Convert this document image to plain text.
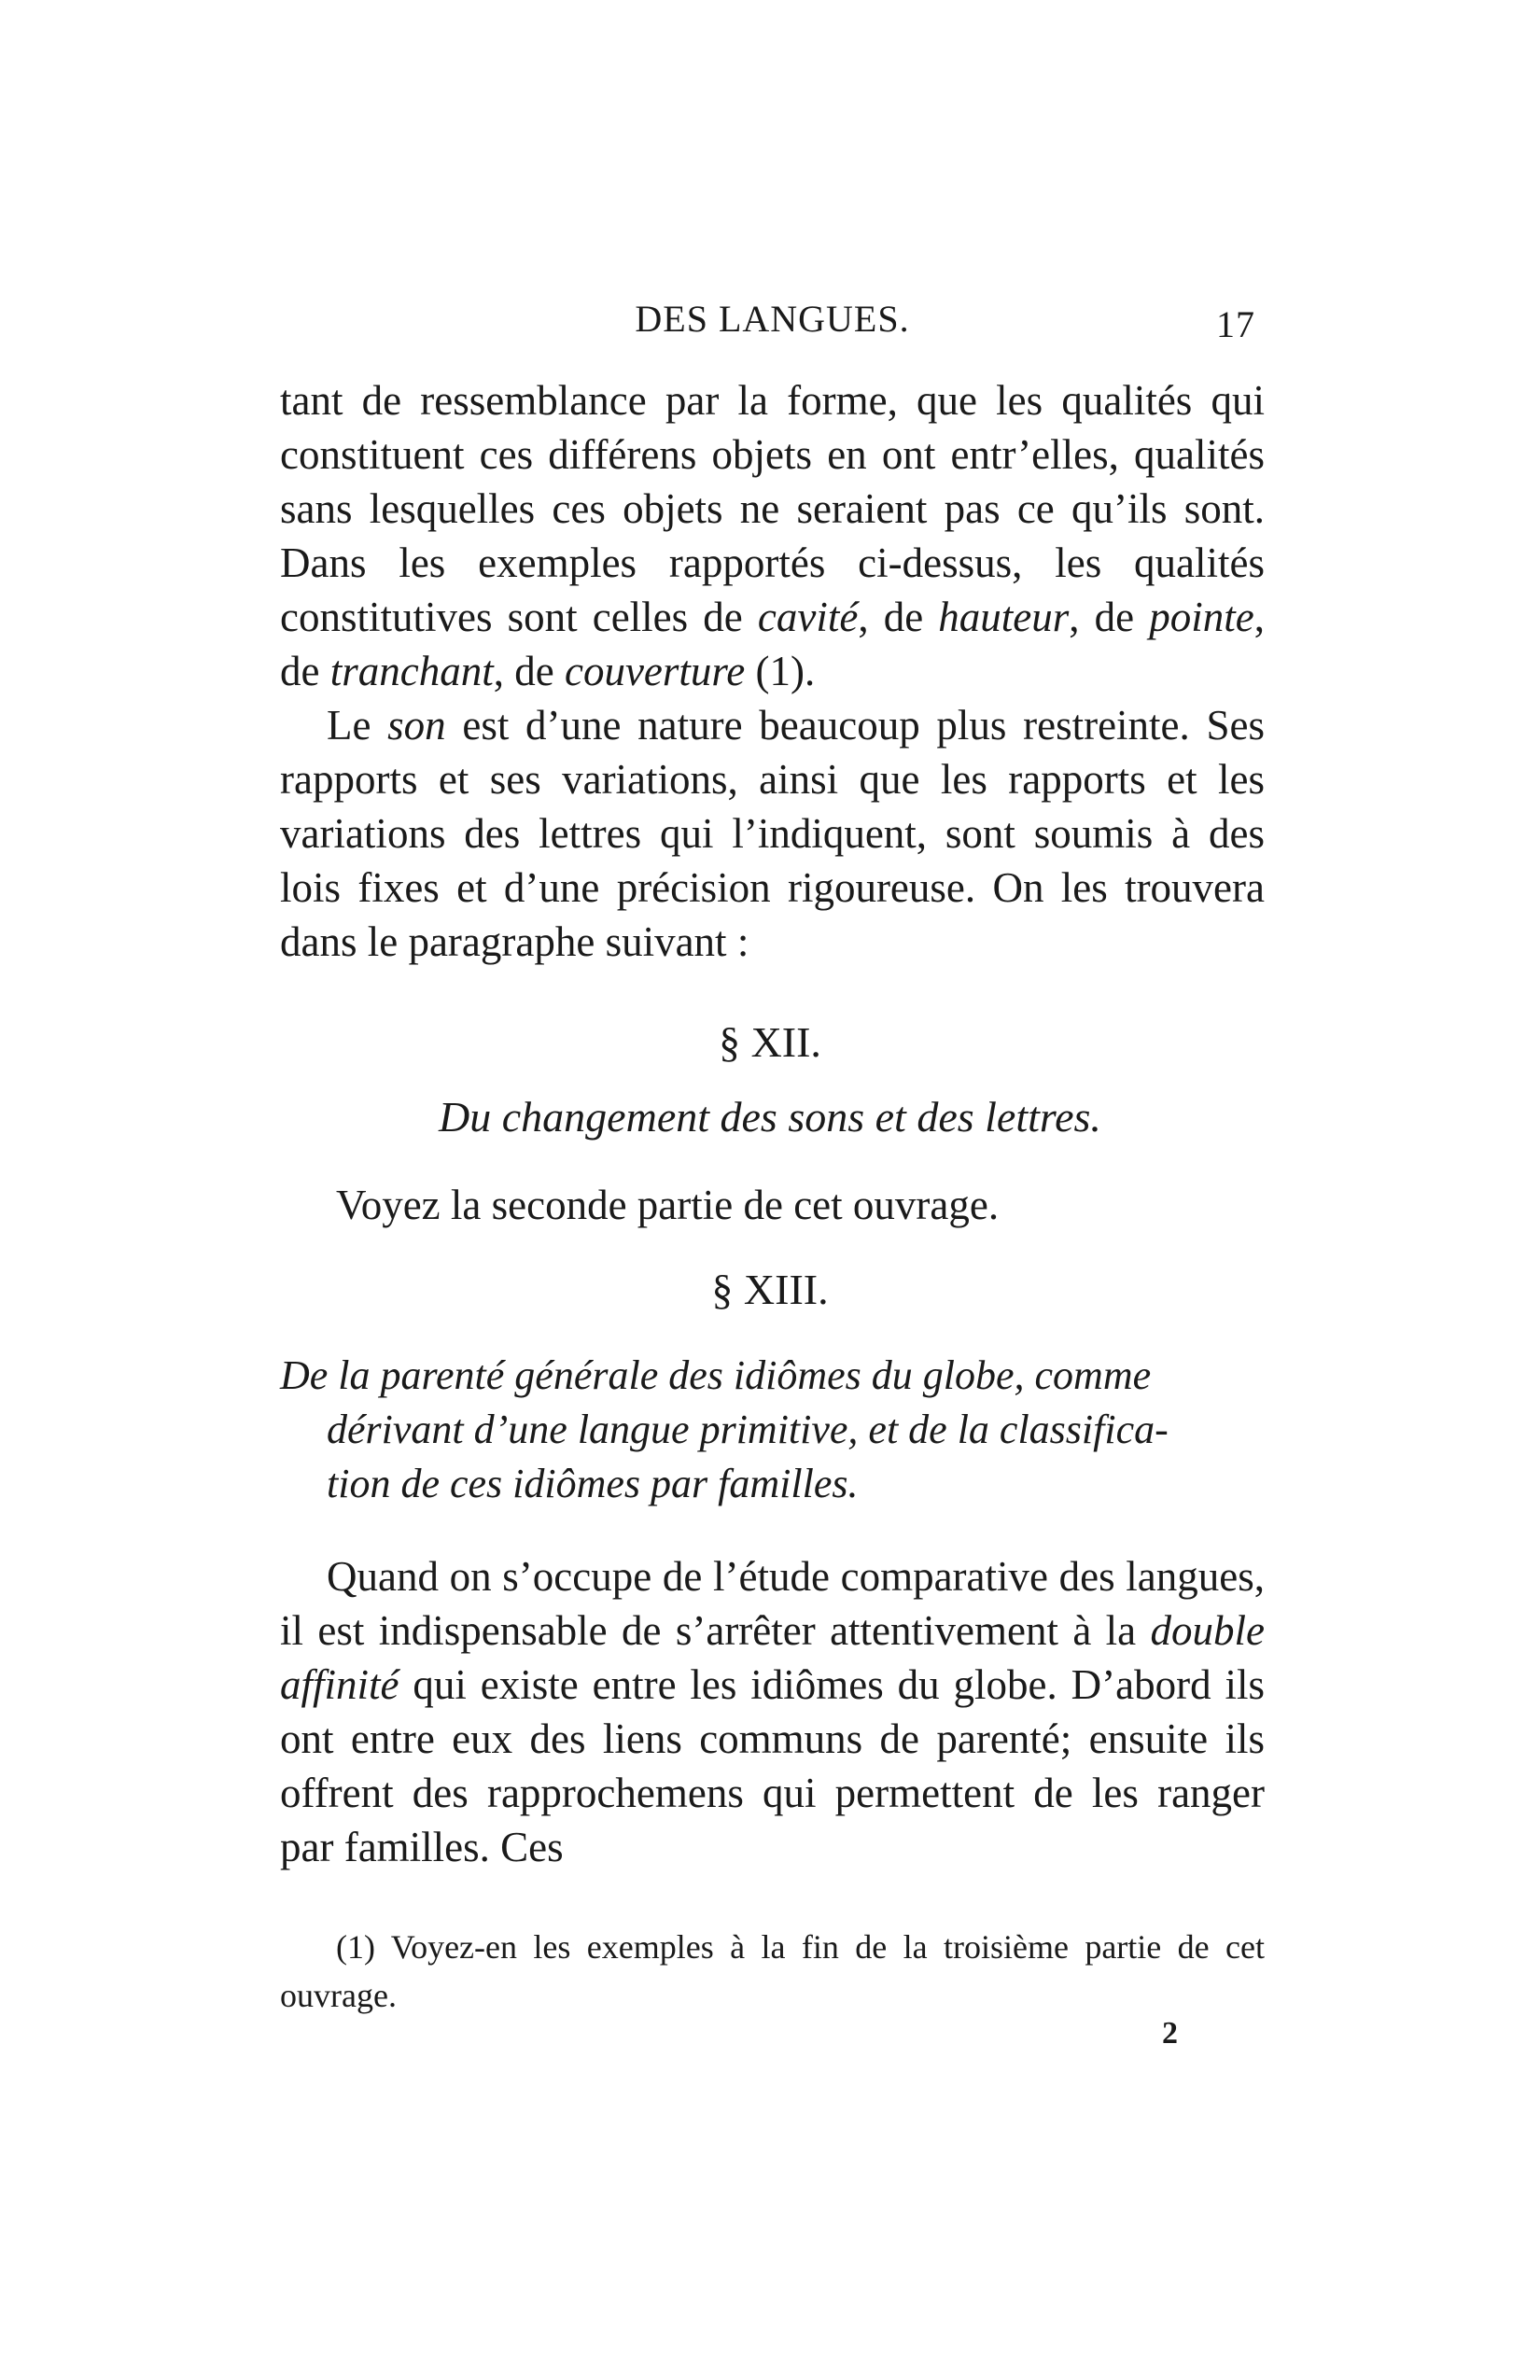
DES LANGUES.	17

tant de ressemblance par la forme, que les qualités qui constituent ces différens objets en ont entr’elles, qualités sans lesquelles ces objets ne seraient pas ce qu’ils sont. Dans les exemples rapportés ci-dessus, les qualités constitutives sont celles de cavité, de hauteur, de pointe, de tranchant, de couverture (1).
Le son est d’une nature beaucoup plus restreinte. Ses rapports et ses variations, ainsi que les rapports et les variations des lettres qui l’indiquent, sont soumis à des lois fixes et d’une précision rigoureuse. On les trouvera dans le paragraphe suivant :

§ XII.
Du changement des sons et des lettres.
Voyez la seconde partie de cet ouvrage.
§ XIII.
De la parenté générale des idiômes du globe, comme
dérivant d’une langue primitive, et de la classifica-
tion de ces idiômes par familles.

Quand on s’occupe de l’étude comparative des langues, il est indispensable de s’arrêter attentivement à la double affinité qui existe entre les idiômes du globe. D’abord ils ont entre eux des liens communs de parenté; ensuite ils offrent des rapprochemens qui permettent de les ranger par familles. Ces

(1) Voyez-en les exemples à la fin de la troisième partie de cet ouvrage.
2
